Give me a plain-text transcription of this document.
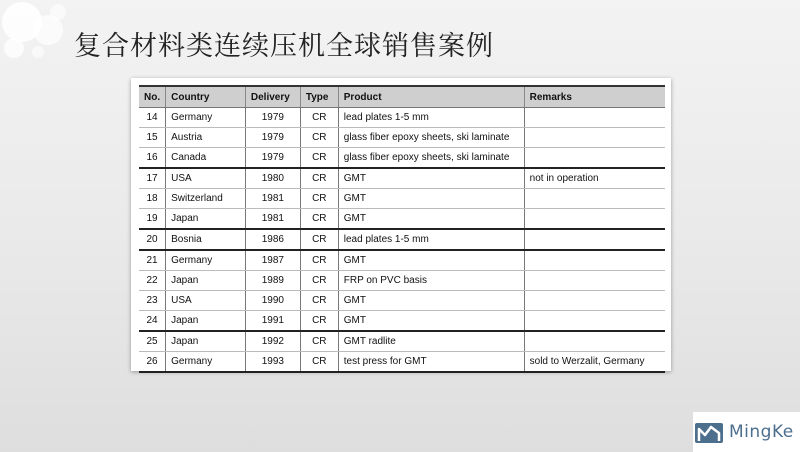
复合材料类连续压机全球销售案例
No.	Country	Delivery	Type	Product	Remarks
14	Germany	1979	CR	lead plates 1-5 mm	
15	Austria	1979	CR	glass fiber epoxy sheets, ski laminate	
16	Canada	1979	CR	glass fiber epoxy sheets, ski laminate	
17	USA	1980	CR	GMT	not in operation
18	Switzerland	1981	CR	GMT	
19	Japan	1981	CR	GMT	
20	Bosnia	1986	CR	lead plates 1-5 mm	
21	Germany	1987	CR	GMT	
22	Japan	1989	CR	FRP on PVC basis	
23	USA	1990	CR	GMT	
24	Japan	1991	CR	GMT	
25	Japan	1992	CR	GMT radlite	
26	Germany	1993	CR	test press for GMT	sold to Werzalit, Germany
MingKe
